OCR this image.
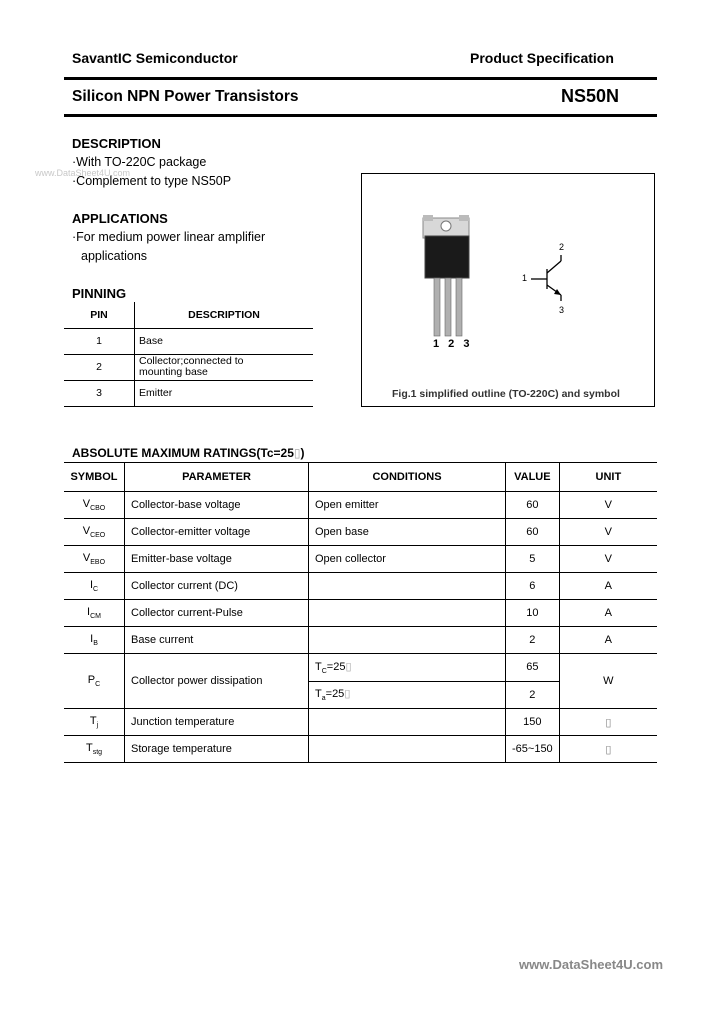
SavantIC Semiconductor	Product Specification
Silicon NPN Power Transistors	NS50N
DESCRIPTION
·With TO-220C package
www.DataSheet4U.com
·Complement to type NS50P
APPLICATIONS
·For medium power linear amplifier
applications
PINNING
PIN	DESCRIPTION
1	Base
2	Collector;connected to
mounting base

3	Emitter
1 2 3
1
2
3
Fig.1 simplified outline (TO-220C) and symbol
ABSOLUTE MAXIMUM RATINGS(Tc=25▯)
SYMBOL	PARAMETER	CONDITIONS	VALUE	UNIT
$V_{CBO}$	Collector-base voltage	Open emitter	60	V
$V_{CEO}$	Collector-emitter voltage	Open base	60	V
$V_{EBO}$	Emitter-base voltage	Open collector	5	V
$I_C$	Collector current (DC)		6	A
$I_{CM}$	Collector current-Pulse		10	A
$I_B$	Base current		2	A
$P_C$	Collector power dissipation	$T_C=25▯$	65	W
		$T_a=25▯$	2	
$T_j$	Junction temperature		150	▯
$T_{stg}$	Storage temperature		-65~150	▯
www.DataSheet4U.com
